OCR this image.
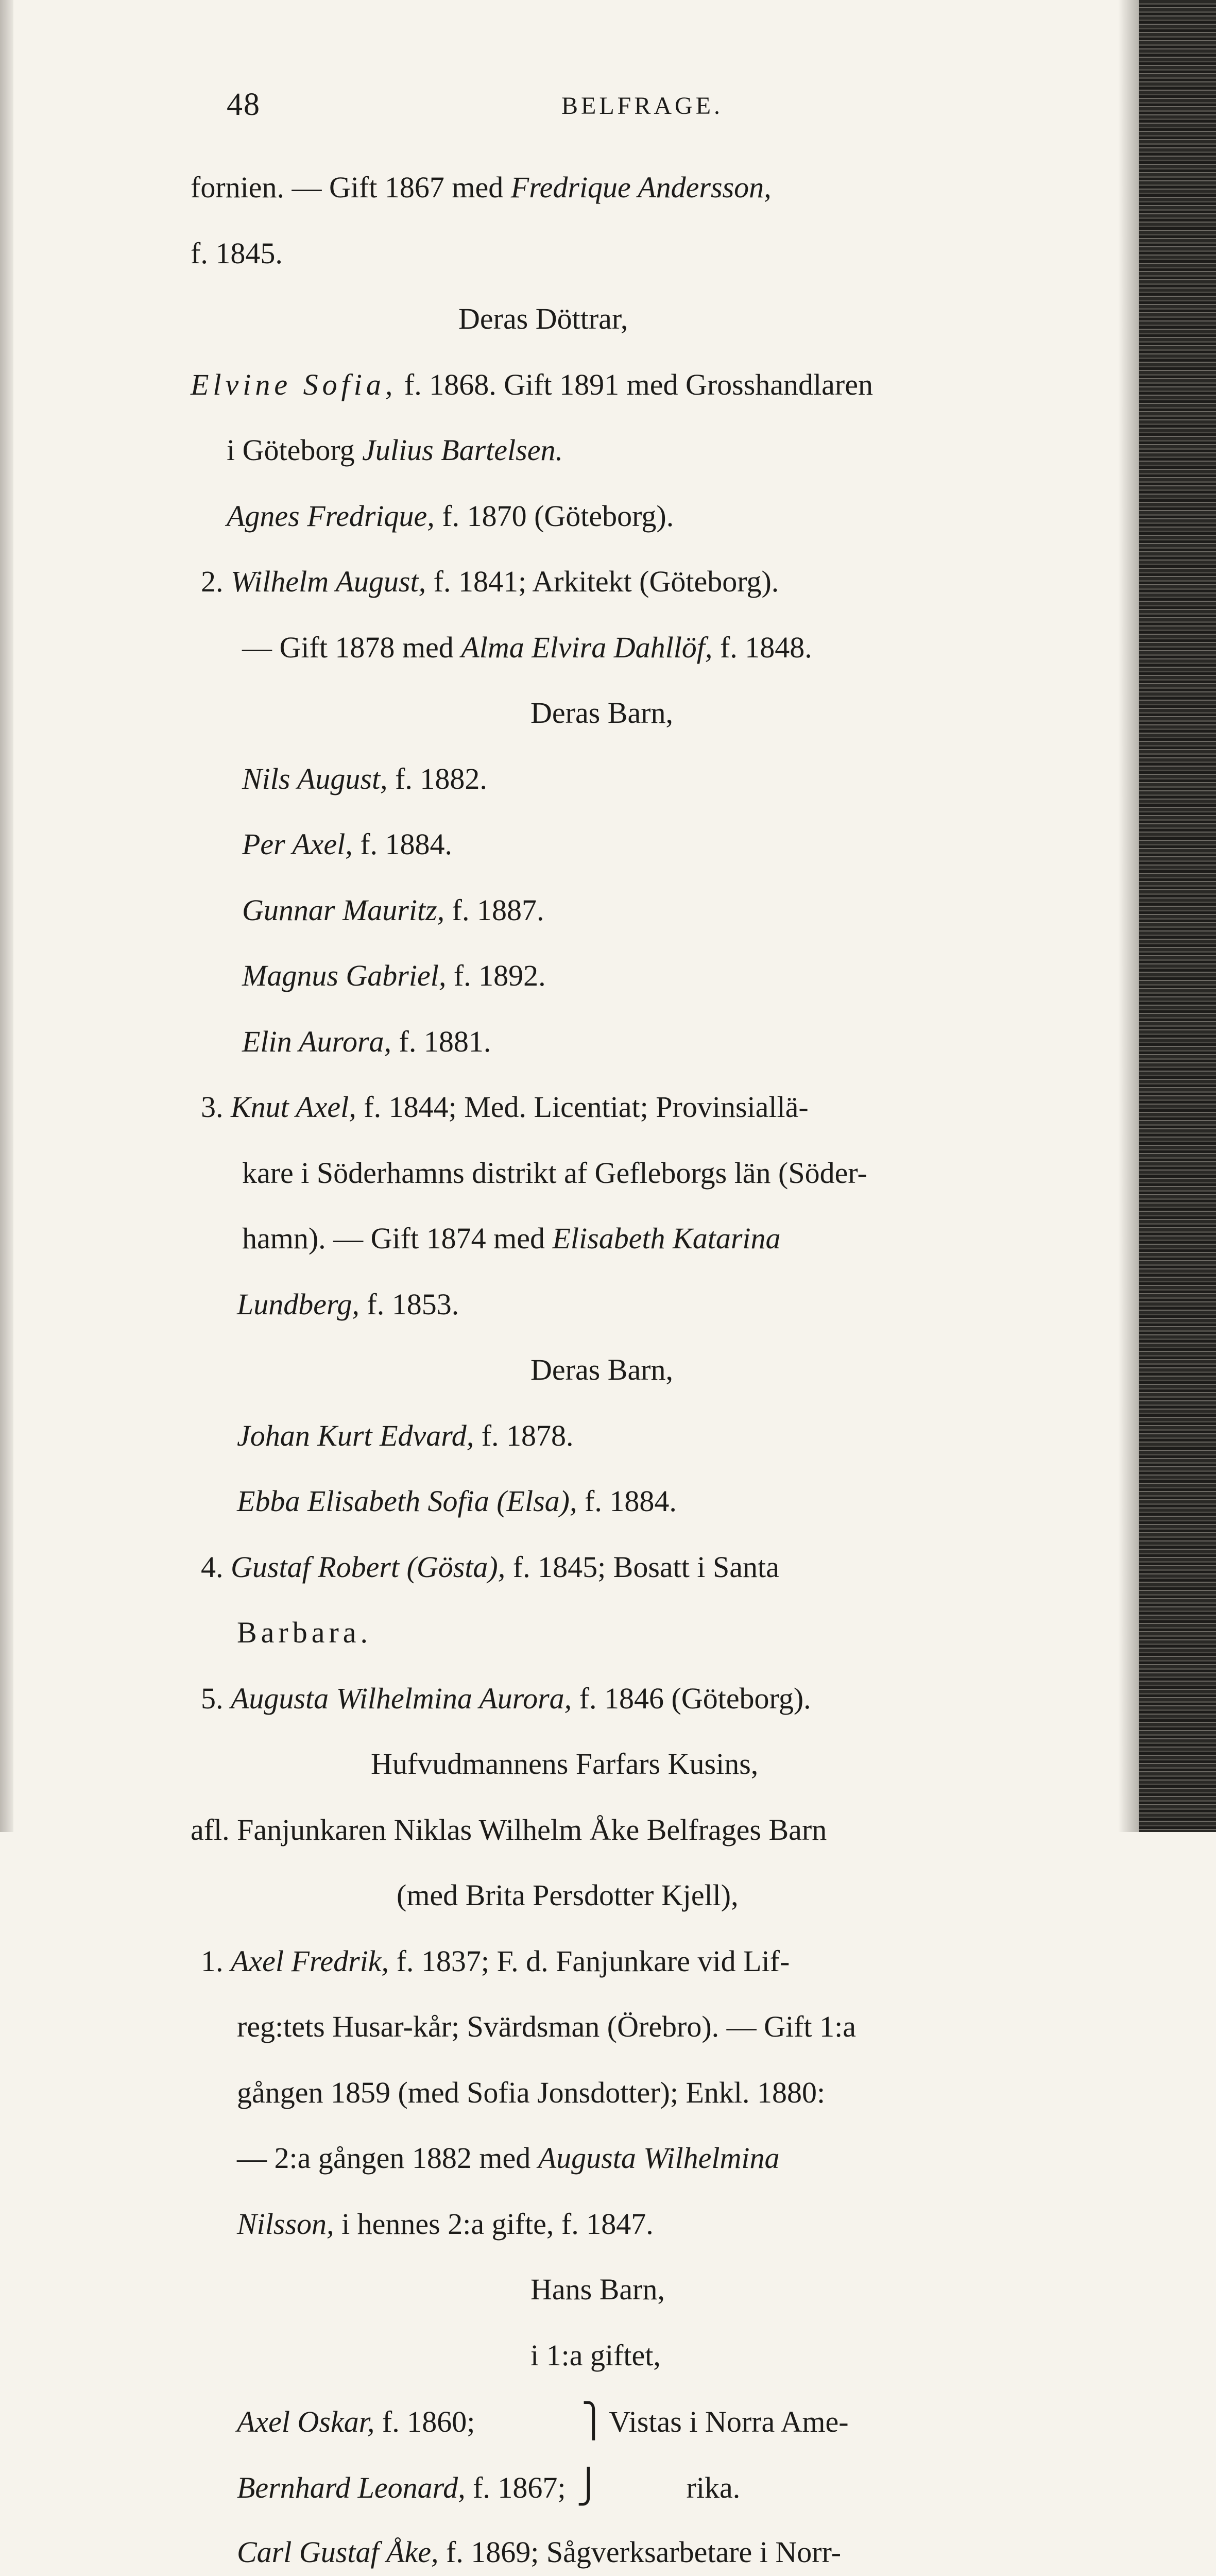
48	BELFRAGE.
fornien. — Gift 1867 med Fredrique Andersson,
f. 1845.
Deras Döttrar,
Elvine Sofia, f. 1868. Gift 1891 med Grosshandlaren
i Göteborg Julius Bartelsen.
Agnes Fredrique, f. 1870 (Göteborg).
2. Wilhelm August, f. 1841; Arkitekt (Göteborg).
— Gift 1878 med Alma Elvira Dahllöf, f. 1848.
Deras Barn,
Nils August, f. 1882.
Per Axel, f. 1884.
Gunnar Mauritz, f. 1887.
Magnus Gabriel, f. 1892.
Elin Aurora, f. 1881.
3. Knut Axel, f. 1844; Med. Licentiat; Provinsiallä-
kare i Söderhamns distrikt af Gefleborgs län (Söder-
hamn). — Gift 1874 med Elisabeth Katarina
Lundberg, f. 1853.
Deras Barn,
Johan Kurt Edvard, f. 1878.
Ebba Elisabeth Sofia (Elsa), f. 1884.
4. Gustaf Robert (Gösta), f. 1845; Bosatt i Santa
Barbara.
5. Augusta Wilhelmina Aurora, f. 1846 (Göteborg).
Hufvudmannens Farfars Kusins,
afl. Fanjunkaren Niklas Wilhelm Åke Belfrages Barn
(med Brita Persdotter Kjell),
1. Axel Fredrik, f. 1837; F. d. Fanjunkare vid Lif-
reg:tets Husar-kår; Svärdsman (Örebro). — Gift 1:a
gången 1859 (med Sofia Jonsdotter); Enkl. 1880:
— 2:a gången 1882 med Augusta Wilhelmina
Nilsson, i hennes 2:a gifte, f. 1847.
Hans Barn,
i 1:a giftet,
Axel Oskar, f. 1860;	⎫ Vistas i Norra Ame-
Bernhard Leonard, f. 1867; ⎭	rika.
Carl Gustaf Åke, f. 1869; Sågverksarbetare i Norr-
